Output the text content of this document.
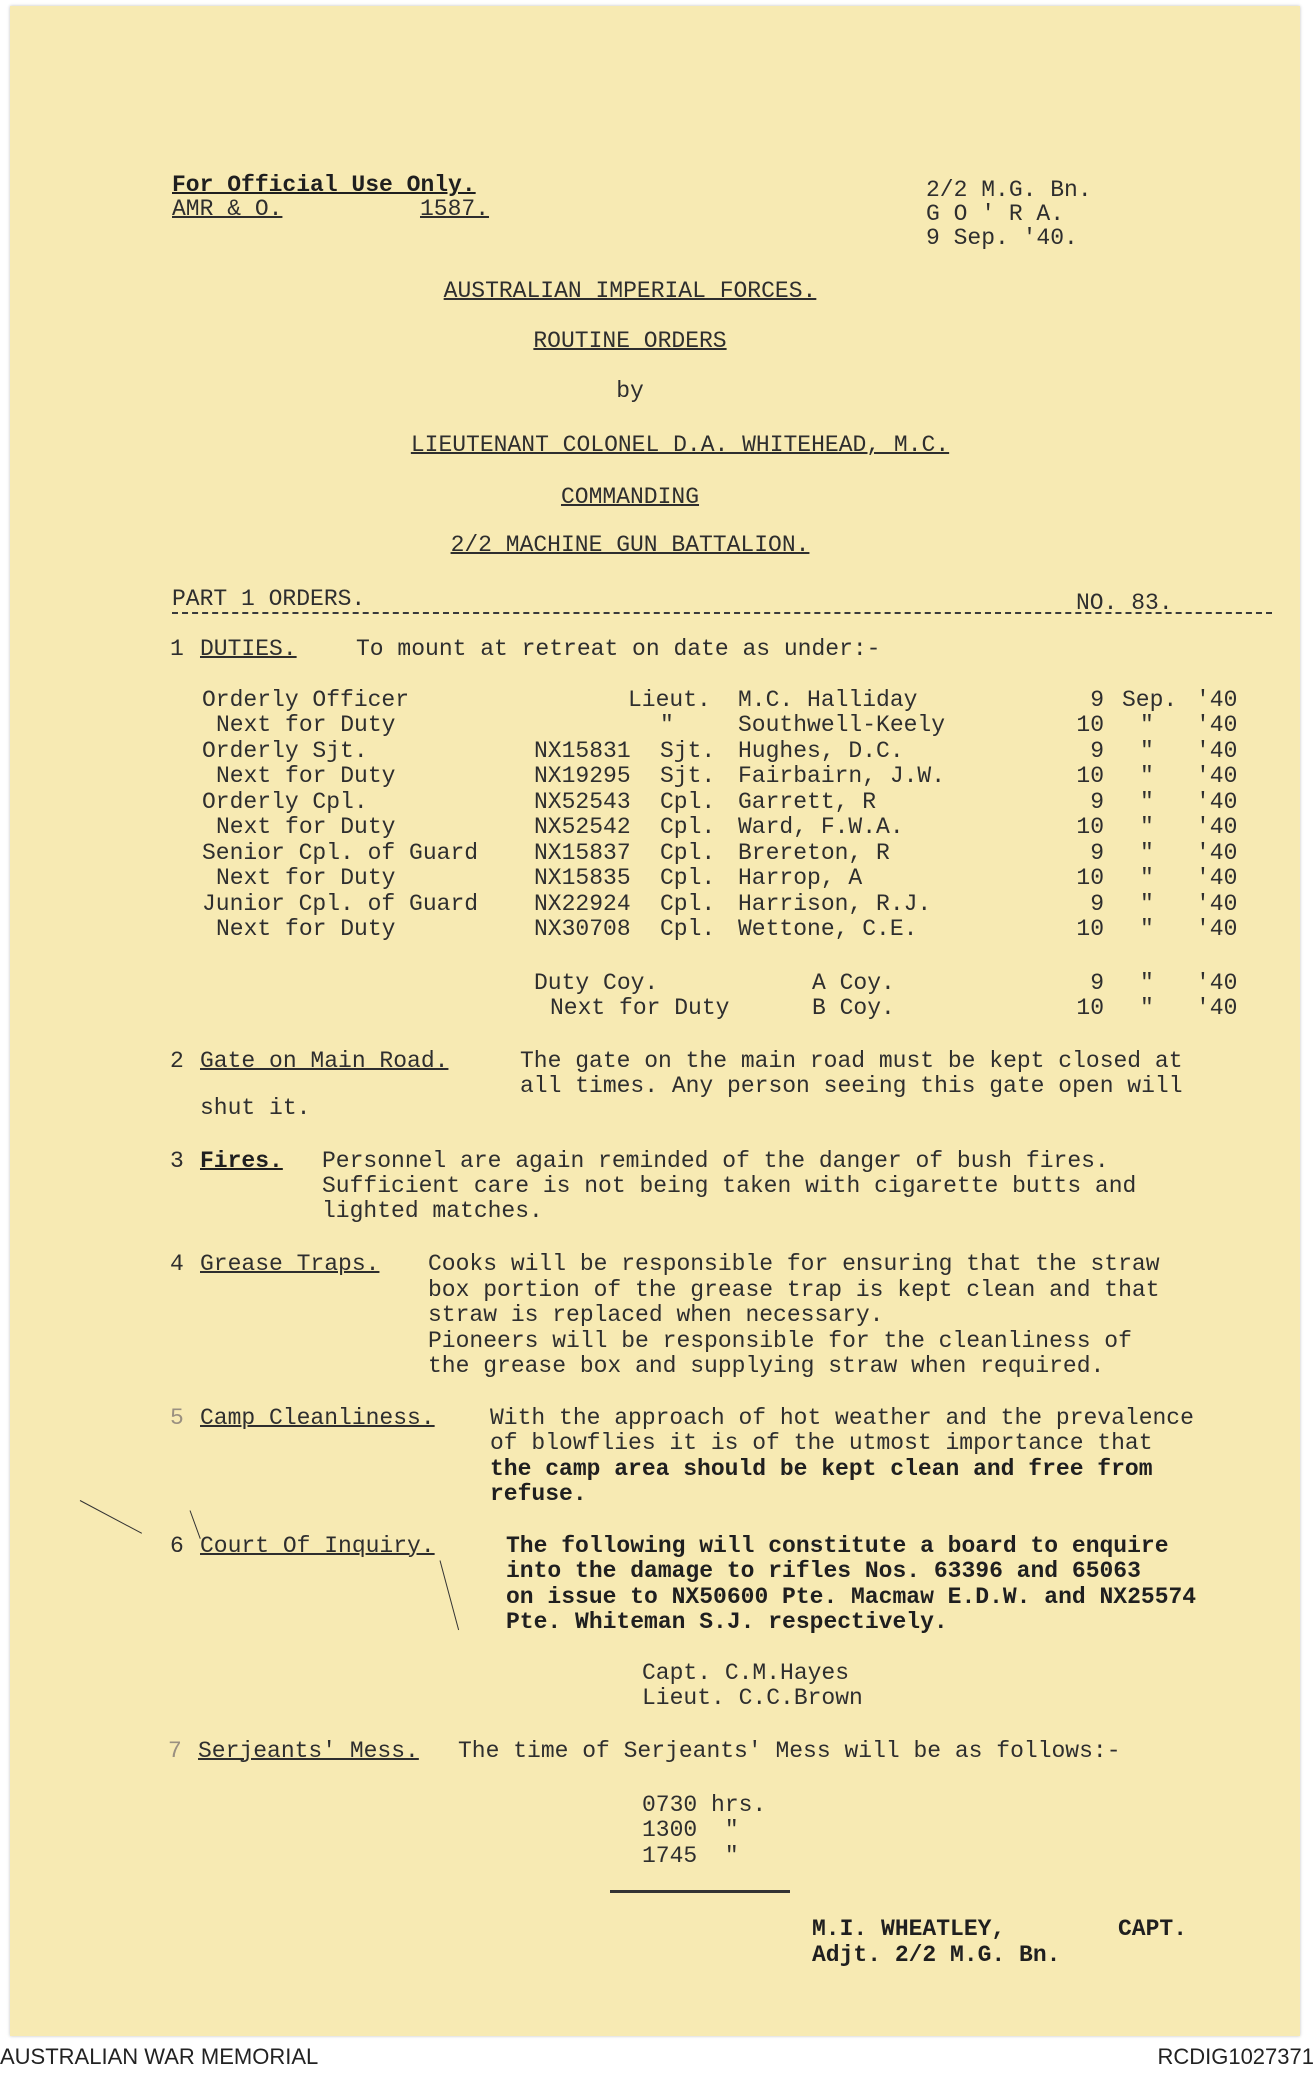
For Official Use Only.
AMR & O.	1587.
2/2 M.G. Bn.
G O ' R A.
9 Sep. '40.
AUSTRALIAN IMPERIAL FORCES.
ROUTINE ORDERS
by
LIEUTENANT COLONEL D.A. WHITEHEAD, M.C.
COMMANDING
2/2 MACHINE GUN BATTALION.
PART 1 ORDERS.	NO. 83.
1 DUTIES.	To mount at retreat on date as under:-
Orderly Officer	Lieut. M.C. Halliday	9 Sep. '40
Next for Duty	"	Southwell-Keely	10 " '40
Orderly Sjt.	NX15831 Sjt. Hughes, D.C.	9 " '40
Next for Duty	NX19295 Sjt. Fairbairn, J.W.	10 " '40
Orderly Cpl.	NX52543 Cpl. Garrett, R	9 " '40
Next for Duty	NX52542 Cpl. Ward, F.W.A.	10 " '40
Senior Cpl. of Guard NX15837 Cpl. Brereton, R	9 " '40
Next for Duty	NX15835 Cpl. Harrop, A	10 " '40
Junior Cpl. of Guard NX22924 Cpl. Harrison, R.J.	9 " '40
Next for Duty	NX30708 Cpl. Wettone, C.E.	10 " '40
Duty Coy.	A Coy.	9 " '40
Next for Duty	B Coy.	10 " '40
2 Gate on Main Road.	The gate on the main road must be kept closed at
all times. Any person seeing this gate open will
shut it.
3 Fires. Personnel are again reminded of the danger of bush fires.
Sufficient care is not being taken with cigarette butts and
lighted matches.
4 Grease Traps. Cooks will be responsible for ensuring that the straw
box portion of the grease trap is kept clean and that
straw is replaced when necessary.
Pioneers will be responsible for the cleanliness of
the grease box and supplying straw when required.
5 Camp Cleanliness. With the approach of hot weather and the prevalence
of blowflies it is of the utmost importance that
the camp area should be kept clean and free from
refuse.
6 Court Of Inquiry.	The following will constitute a board to enquire
into the damage to rifles Nos. 63396 and 65063
on issue to NX50600 Pte. Macmaw E.D.W. and NX25574
Pte. Whiteman S.J. respectively.
Capt. C.M.Hayes
Lieut. C.C.Brown
7 Serjeants' Mess. The time of Serjeants' Mess will be as follows:-
0730 hrs.
1300  "
1745  "
M.I. WHEATLEY,	CAPT.
Adjt. 2/2 M.G. Bn.
AUSTRALIAN WAR MEMORIAL	RCDIG1027371
